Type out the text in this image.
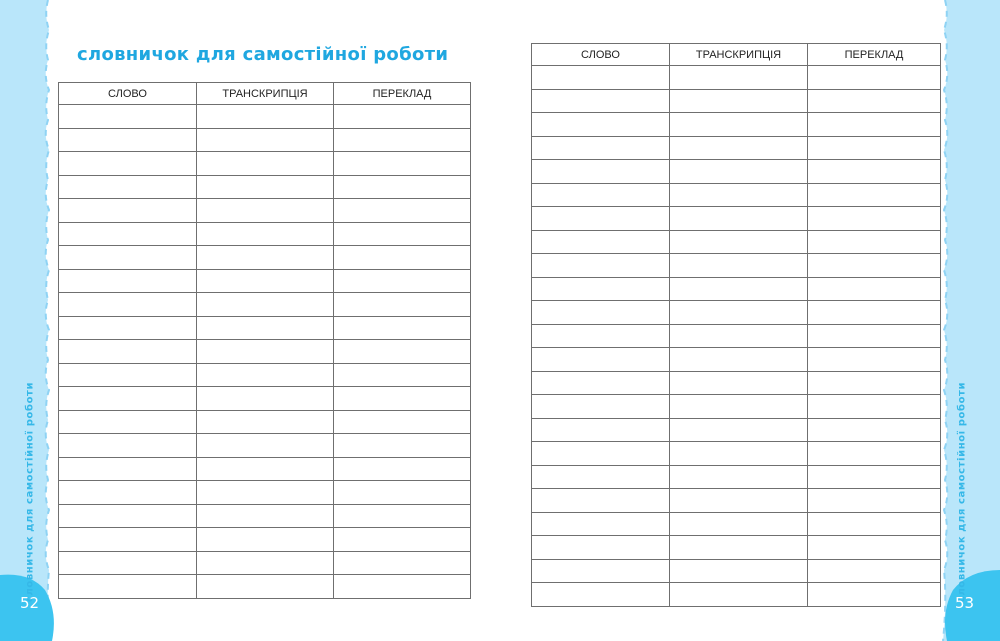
словничок для самостійної роботи	словничок для самостійної роботи
52	53
словничок для самостійної роботи
СЛОВО	ТРАНСКРИПЦІЯ	ПЕРЕКЛАД

СЛОВО	ТРАНСКРИПЦІЯ	ПЕРЕКЛАД
